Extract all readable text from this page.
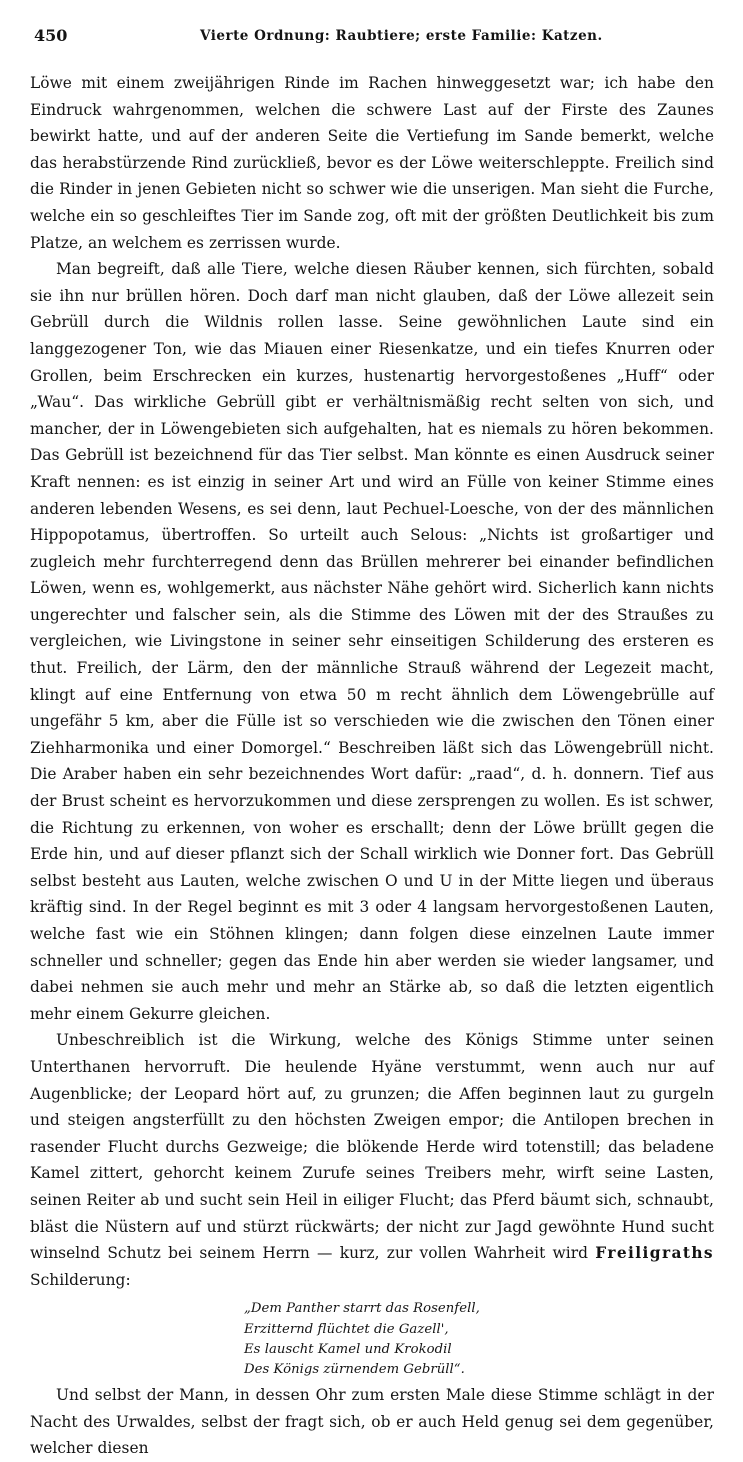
450	Vierte Ordnung: Raubtiere; erste Familie: Katzen.

Löwe mit einem zweijährigen Rinde im Rachen hinweggesetzt war; ich habe den Eindruck wahrgenommen, welchen die schwere Last auf der Firste des Zaunes bewirkt hatte, und auf der anderen Seite die Vertiefung im Sande bemerkt, welche das herabstürzende Rind zurückließ, bevor es der Löwe weiterschleppte. Freilich sind die Rinder in jenen Gebieten nicht so schwer wie die unserigen. Man sieht die Furche, welche ein so geschleiftes Tier im Sande zog, oft mit der größten Deutlichkeit bis zum Platze, an welchem es zerrissen wurde.

Man begreift, daß alle Tiere, welche diesen Räuber kennen, sich fürchten, sobald sie ihn nur brüllen hören. Doch darf man nicht glauben, daß der Löwe allezeit sein Gebrüll durch die Wildnis rollen lasse. Seine gewöhnlichen Laute sind ein langgezogener Ton, wie das Miauen einer Riesenkatze, und ein tiefes Knurren oder Grollen, beim Erschrecken ein kurzes, hustenartig hervorgestoßenes „Huff“ oder „Wau“. Das wirkliche Gebrüll gibt er verhältnismäßig recht selten von sich, und mancher, der in Löwengebieten sich aufgehalten, hat es niemals zu hören bekommen. Das Gebrüll ist bezeichnend für das Tier selbst. Man könnte es einen Ausdruck seiner Kraft nennen: es ist einzig in seiner Art und wird an Fülle von keiner Stimme eines anderen lebenden Wesens, es sei denn, laut Pechuel-Loesche, von der des männlichen Hippopotamus, übertroffen. So urteilt auch Selous: „Nichts ist großartiger und zugleich mehr furchterregend denn das Brüllen mehrerer bei einander befindlichen Löwen, wenn es, wohlgemerkt, aus nächster Nähe gehört wird. Sicherlich kann nichts ungerechter und falscher sein, als die Stimme des Löwen mit der des Straußes zu vergleichen, wie Livingstone in seiner sehr einseitigen Schilderung des ersteren es thut. Freilich, der Lärm, den der männliche Strauß während der Legezeit macht, klingt auf eine Entfernung von etwa 50 m recht ähnlich dem Löwengebrülle auf ungefähr 5 km, aber die Fülle ist so verschieden wie die zwischen den Tönen einer Ziehharmonika und einer Domorgel.“ Beschreiben läßt sich das Löwengebrüll nicht. Die Araber haben ein sehr bezeichnendes Wort dafür: „raad“, d. h. donnern. Tief aus der Brust scheint es hervorzukommen und diese zersprengen zu wollen. Es ist schwer, die Richtung zu erkennen, von woher es erschallt; denn der Löwe brüllt gegen die Erde hin, und auf dieser pflanzt sich der Schall wirklich wie Donner fort. Das Gebrüll selbst besteht aus Lauten, welche zwischen O und U in der Mitte liegen und überaus kräftig sind. In der Regel beginnt es mit 3 oder 4 langsam hervorgestoßenen Lauten, welche fast wie ein Stöhnen klingen; dann folgen diese einzelnen Laute immer schneller und schneller; gegen das Ende hin aber werden sie wieder langsamer, und dabei nehmen sie auch mehr und mehr an Stärke ab, so daß die letzten eigentlich mehr einem Gekurre gleichen.

Unbeschreiblich ist die Wirkung, welche des Königs Stimme unter seinen Unterthanen hervorruft. Die heulende Hyäne verstummt, wenn auch nur auf Augenblicke; der Leopard hört auf, zu grunzen; die Affen beginnen laut zu gurgeln und steigen angsterfüllt zu den höchsten Zweigen empor; die Antilopen brechen in rasender Flucht durchs Gezweige; die blökende Herde wird totenstill; das beladene Kamel zittert, gehorcht keinem Zurufe seines Treibers mehr, wirft seine Lasten, seinen Reiter ab und sucht sein Heil in eiliger Flucht; das Pferd bäumt sich, schnaubt, bläst die Nüstern auf und stürzt rückwärts; der nicht zur Jagd gewöhnte Hund sucht winselnd Schutz bei seinem Herrn — kurz, zur vollen Wahrheit wird Freiligraths Schilderung:

„Dem Panther starrt das Rosenfell,
Erzitternd flüchtet die Gazell',
Es lauscht Kamel und Krokodil
Des Königs zürnendem Gebrüll“.

Und selbst der Mann, in dessen Ohr zum ersten Male diese Stimme schlägt in der Nacht des Urwaldes, selbst der fragt sich, ob er auch Held genug sei dem gegenüber, welcher diesen
